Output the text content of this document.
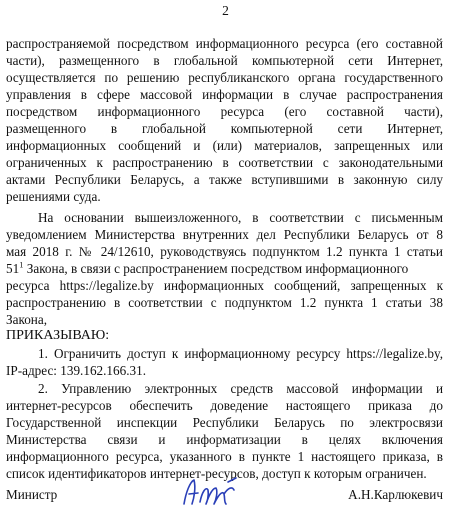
2
распространяемой посредством информационного ресурса (его составной
части), размещенного в глобальной компьютерной сети Интернет,
осуществляется по решению республиканского органа государственного
управления в сфере массовой информации в случае распространения
посредством информационного ресурса (его составной части),
размещенного в глобальной компьютерной сети Интернет,
информационных сообщений и (или) материалов, запрещенных или
ограниченных к распространению в соответствии с законодательными
актами Республики Беларусь, а также вступившими в законную силу
решениями суда.
На основании вышеизложенного, в соответствии с письменным
уведомлением Министерства внутренних дел Республики Беларусь от 8
мая 2018 г. № 24/12610, руководствуясь подпунктом 1.2 пункта 1 статьи
$51^1$ Закона, в связи с распространением посредством информационного
ресурса https://legalize.by информационных сообщений, запрещенных к
распространению в соответствии с подпунктом 1.2 пункта 1 статьи 38
Закона,
ПРИКАЗЫВАЮ:
1. Ограничить доступ к информационному ресурсу https://legalize.by,
IP-адрес: 139.162.166.31.
2. Управлению электронных средств массовой информации и
интернет-ресурсов обеспечить доведение настоящего приказа до
Государственной инспекции Республики Беларусь по электросвязи
Министерства связи и информатизации в целях включения
информационного ресурса, указанного в пункте 1 настоящего приказа, в
список идентификаторов интернет-ресурсов, доступ к которым ограничен.
Министр	А.Н.Карлюкевич
